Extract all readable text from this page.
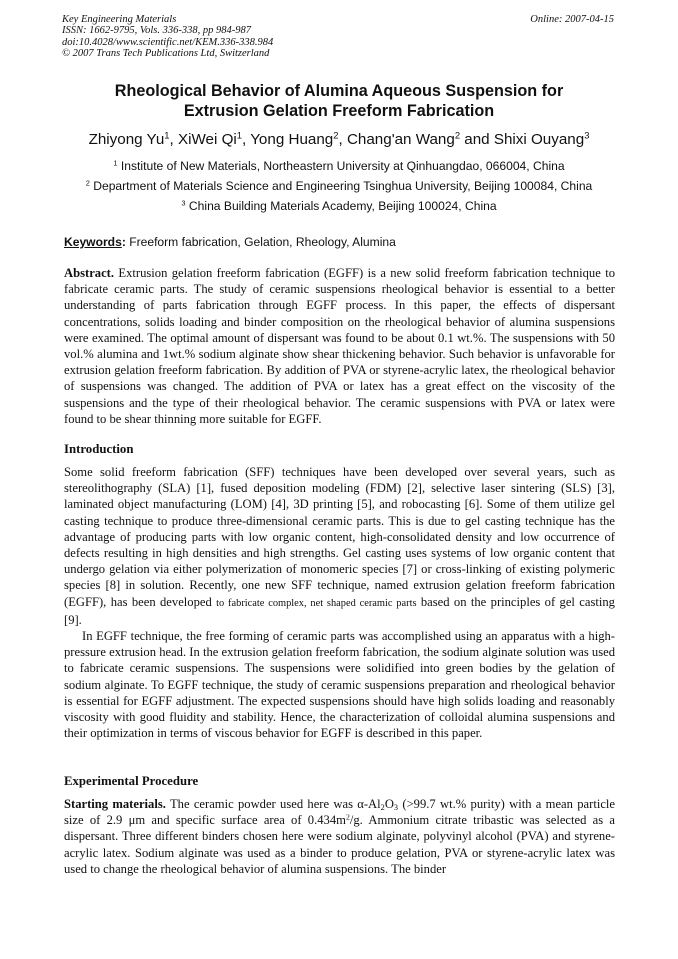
Key Engineering Materials
ISSN: 1662-9795, Vols. 336-338, pp 984-987
doi:10.4028/www.scientific.net/KEM.336-338.984
© 2007 Trans Tech Publications Ltd, Switzerland
Online: 2007-04-15
Rheological Behavior of Alumina Aqueous Suspension for
Extrusion Gelation Freeform Fabrication
Zhiyong Yu$^1$, XiWei Qi$^1$, Yong Huang$^2$, Chang'an Wang$^2$ and Shixi Ouyang$^3$
$^1$ Institute of New Materials, Northeastern University at Qinhuangdao, 066004, China
$^2$ Department of Materials Science and Engineering Tsinghua University, Beijing 100084, China
$^3$ China Building Materials Academy, Beijing 100024, China
Keywords: Freeform fabrication, Gelation, Rheology, Alumina

Abstract. Extrusion gelation freeform fabrication (EGFF) is a new solid freeform fabrication technique to fabricate ceramic parts. The study of ceramic suspensions rheological behavior is essential to a better understanding of parts fabrication through EGFF process. In this paper, the effects of dispersant concentrations, solids loading and binder composition on the rheological behavior of alumina suspensions were examined. The optimal amount of dispersant was found to be about 0.1 wt.%. The suspensions with 50 vol.% alumina and 1wt.% sodium alginate show shear thickening behavior. Such behavior is unfavorable for extrusion gelation freeform fabrication. By addition of PVA or styrene-acrylic latex, the rheological behavior of suspensions was changed. The addition of PVA or latex has a great effect on the viscosity of the suspensions and the type of their rheological behavior. The ceramic suspensions with PVA or latex were found to be shear thinning more suitable for EGFF.

Introduction

Some solid freeform fabrication (SFF) techniques have been developed over several years, such as stereolithography (SLA) [1], fused deposition modeling (FDM) [2], selective laser sintering (SLS) [3], laminated object manufacturing (LOM) [4], 3D printing [5], and robocasting [6]. Some of them utilize gel casting technique to produce three-dimensional ceramic parts. This is due to gel casting technique has the advantage of producing parts with low organic content, high-consolidated density and low occurrence of defects resulting in high densities and high strengths. Gel casting uses systems of low organic content that undergo gelation via either polymerization of monomeric species [7] or cross-linking of existing polymeric species [8] in solution. Recently, one new SFF technique, named extrusion gelation freeform fabrication (EGFF), has been developed to fabricate complex, net shaped ceramic parts based on the principles of gel casting [9].

In EGFF technique, the free forming of ceramic parts was accomplished using an apparatus with a high-pressure extrusion head. In the extrusion gelation freeform fabrication, the sodium alginate solution was used to fabricate ceramic suspensions. The suspensions were solidified into green bodies by the gelation of sodium alginate. To EGFF technique, the study of ceramic suspensions preparation and rheological behavior is essential for EGFF adjustment. The expected suspensions should have high solids loading and reasonably viscosity with good fluidity and stability. Hence, the characterization of colloidal alumina suspensions and their optimization in terms of viscous behavior for EGFF is described in this paper.

Experimental Procedure

Starting materials. The ceramic powder used here was $\alpha-Al_2O_3$ (>99.7 wt.% purity) with a mean particle size of 2.9 μm and specific surface area of $0.434m^2/g$. Ammonium citrate tribastic was selected as a dispersant. Three different binders chosen here were sodium alginate, polyvinyl alcohol (PVA) and styrene-acrylic latex. Sodium alginate was used as a binder to produce gelation, PVA or styrene-acrylic latex was used to change the rheological behavior of alumina suspensions. The binder
